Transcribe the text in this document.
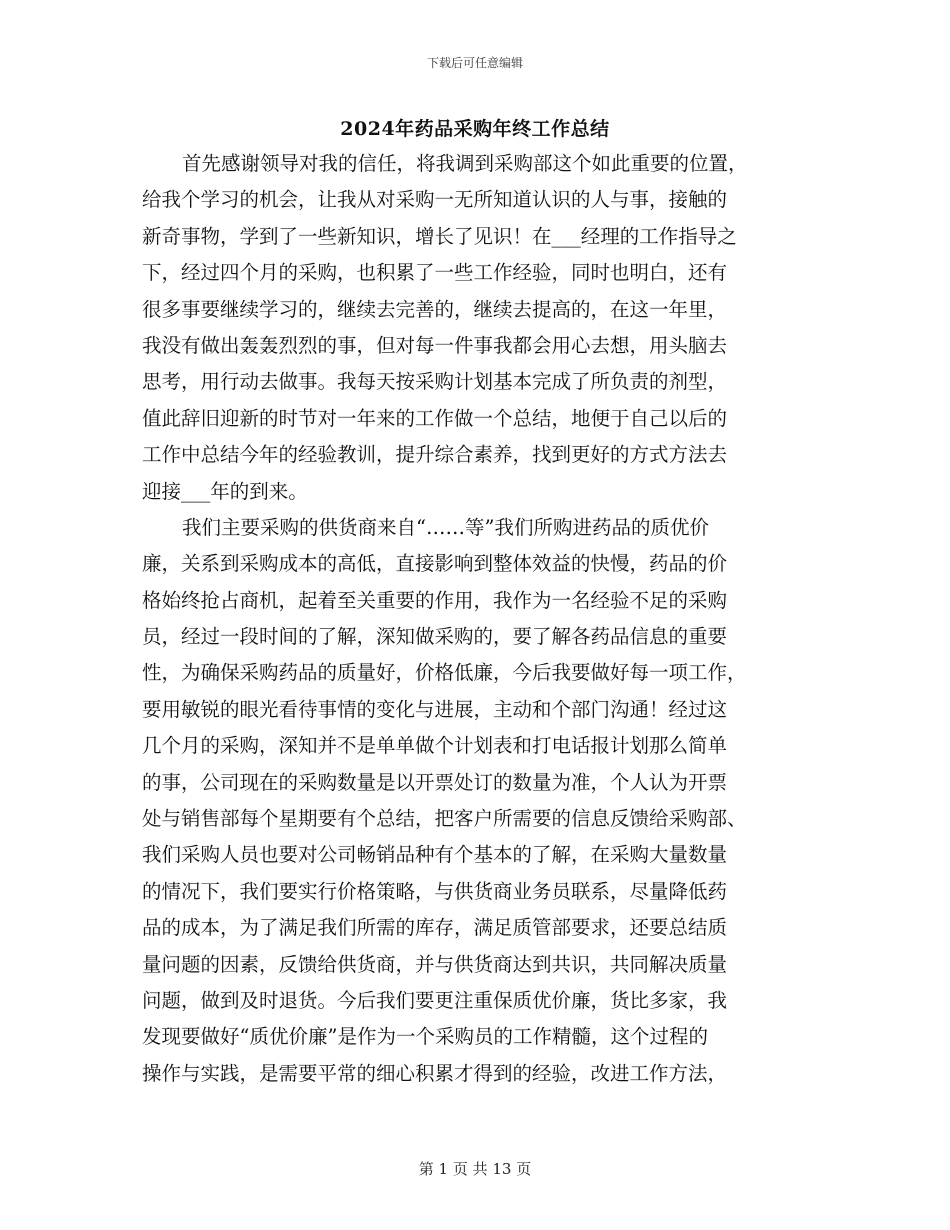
下载后可任意编辑
2024年药品采购年终工作总结
首先感谢领导对我的信任，将我调到采购部这个如此重要的位置，
给我个学习的机会，让我从对采购一无所知道认识的人与事，接触的
新奇事物，学到了一些新知识，增长了见识！在___经理的工作指导之
下，经过四个月的采购，也积累了一些工作经验，同时也明白，还有
很多事要继续学习的，继续去完善的，继续去提高的，在这一年里，
我没有做出轰轰烈烈的事，但对每一件事我都会用心去想，用头脑去
思考，用行动去做事。我每天按采购计划基本完成了所负责的剂型，
值此辞旧迎新的时节对一年来的工作做一个总结，地便于自己以后的
工作中总结今年的经验教训，提升综合素养，找到更好的方式方法去
迎接___年的到来。
我们主要采购的供货商来自“……等”我们所购进药品的质优价
廉，关系到采购成本的高低，直接影响到整体效益的快慢，药品的价
格始终抢占商机，起着至关重要的作用，我作为一名经验不足的采购
员，经过一段时间的了解，深知做采购的，要了解各药品信息的重要
性，为确保采购药品的质量好，价格低廉，今后我要做好每一项工作，
要用敏锐的眼光看待事情的变化与进展，主动和个部门沟通！经过这
几个月的采购，深知并不是单单做个计划表和打电话报计划那么简单
的事，公司现在的采购数量是以开票处订的数量为准，个人认为开票
处与销售部每个星期要有个总结，把客户所需要的信息反馈给采购部、
我们采购人员也要对公司畅销品种有个基本的了解，在采购大量数量
的情况下，我们要实行价格策略，与供货商业务员联系，尽量降低药
品的成本，为了满足我们所需的库存，满足质管部要求，还要总结质
量问题的因素，反馈给供货商，并与供货商达到共识，共同解决质量
问题，做到及时退货。今后我们要更注重保质优价廉，货比多家，我
发现要做好“质优价廉”是作为一个采购员的工作精髓，这个过程的
操作与实践，是需要平常的细心积累才得到的经验，改进工作方法，
第 1 页 共 13 页
